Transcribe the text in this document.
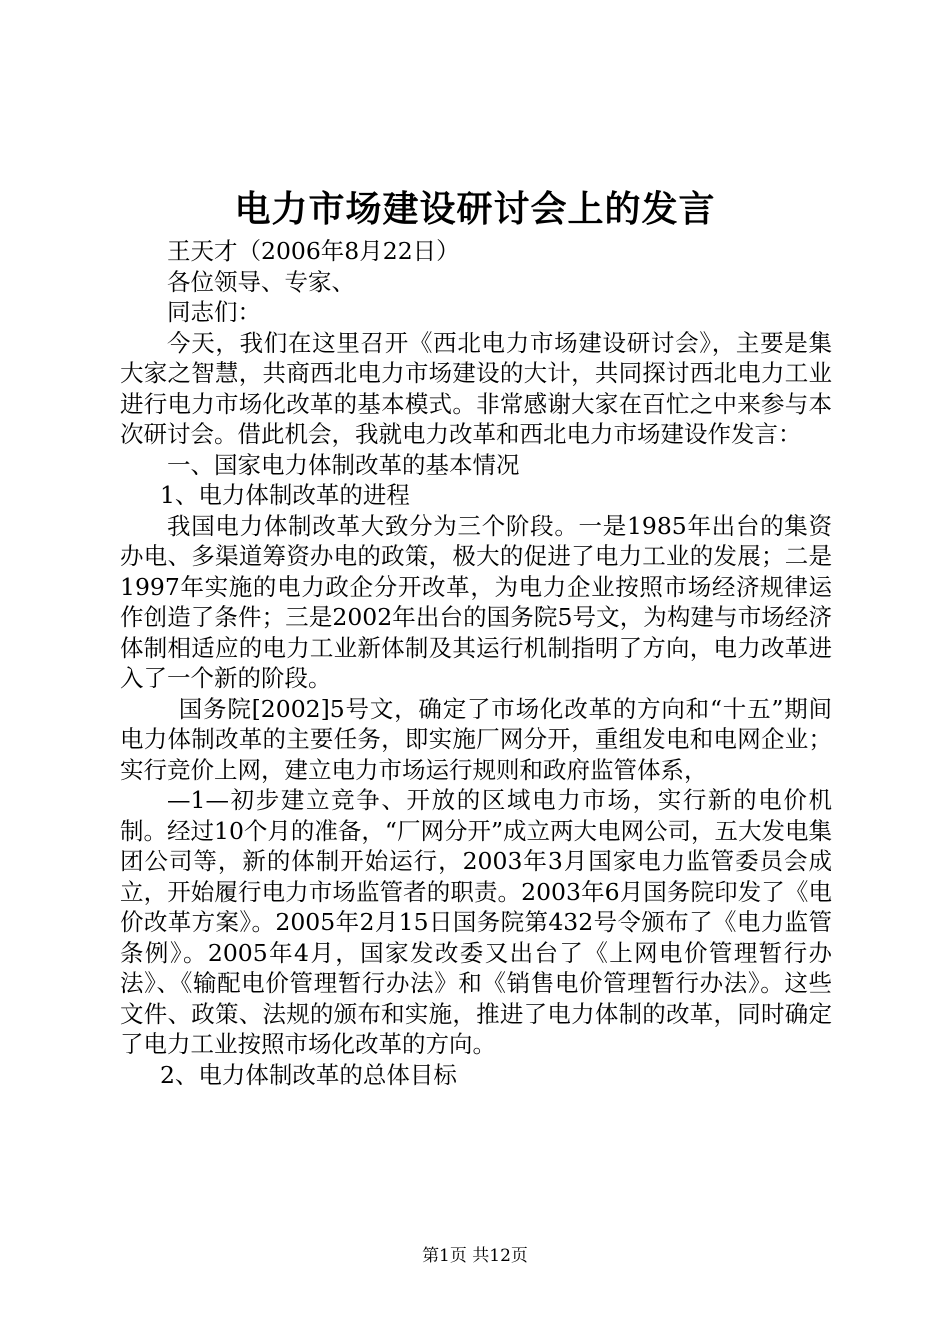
电力市场建设研讨会上的发言

王天才（2006年8月22日）

各位领导、专家、

同志们：

今天，我们在这里召开《西北电力市场建设研讨会》，主要是集大家之智慧，共商西北电力市场建设的大计，共同探讨西北电力工业进行电力市场化改革的基本模式。非常感谢大家在百忙之中来参与本次研讨会。借此机会，我就电力改革和西北电力市场建设作发言：

一、国家电力体制改革的基本情况

1、电力体制改革的进程

我国电力体制改革大致分为三个阶段。一是1985年出台的集资办电、多渠道筹资办电的政策，极大的促进了电力工业的发展；二是1997年实施的电力政企分开改革，为电力企业按照市场经济规律运作创造了条件；三是2002年出台的国务院5号文，为构建与市场经济体制相适应的电力工业新体制及其运行机制指明了方向，电力改革进入了一个新的阶段。

国务院[2002]5号文，确定了市场化改革的方向和“十五”期间电力体制改革的主要任务，即实施厂网分开，重组发电和电网企业；实行竞价上网，建立电力市场运行规则和政府监管体系，

—1—初步建立竞争、开放的区域电力市场，实行新的电价机制。经过10个月的准备，“厂网分开”成立两大电网公司，五大发电集团公司等，新的体制开始运行，2003年3月国家电力监管委员会成立，开始履行电力市场监管者的职责。2003年6月国务院印发了《电价改革方案》。2005年2月15日国务院第432号令颁布了《电力监管条例》。2005年4月，国家发改委又出台了《上网电价管理暂行办法》、《输配电价管理暂行办法》和《销售电价管理暂行办法》。这些文件、政策、法规的颁布和实施，推进了电力体制的改革，同时确定了电力工业按照市场化改革的方向。

2、电力体制改革的总体目标

第1页 共12页
